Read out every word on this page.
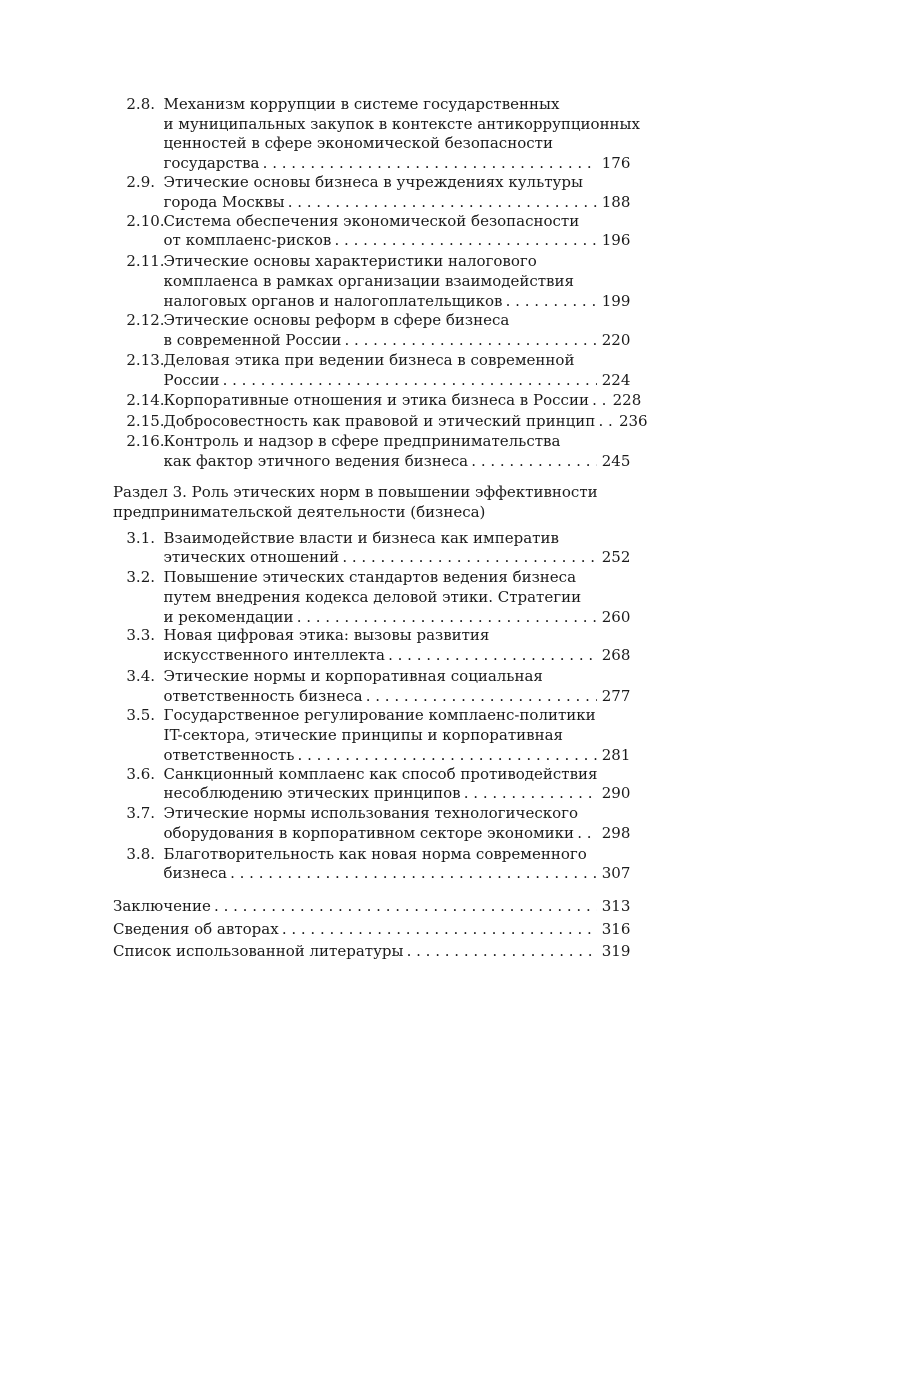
2.8. Механизм коррупции в системе государственных
и муниципальных закупок в контексте антикоррупционных
ценностей в сфере экономической безопасности
государства . . .	176
2.9. Этические основы бизнеса в учреждениях культуры
города Москвы . . .	188
2.10.
Система обеспечения экономической безопасности
от комплаенс-рисков . . .	196
2.11.
Этические основы характеристики налогового
комплаенса в рамках организации взаимодействия
налоговых органов и налогоплательщиков . . .	199
2.12.
Этические основы реформ в сфере бизнеса
в современной России . . .	220
2.13.
Деловая этика при ведении бизнеса в современной
России . . .	224
2.14.
Корпоративные отношения и этика бизнеса в России . . . 228
2.15.
Добросовестность как правовой и этический принцип . . . 236
2.16.
Контроль и надзор в сфере предпринимательства
как фактор этичного ведения бизнеса . . .	245
Раздел 3. Роль этических норм в повышении эффективности
предпринимательской деятельности (бизнеса)
3.1. Взаимодействие власти и бизнеса как императив
этических отношений . . .	252
3.2. Повышение этических стандартов ведения бизнеса
путем внедрения кодекса деловой этики. Стратегии
и рекомендации . . .	260
3.3. Новая цифровая этика: вызовы развития
искусственного интеллекта . . .	268
3.4. Этические нормы и корпоративная социальная
ответственность бизнеса . . .	277
3.5. Государственное регулирование комплаенс-политики
IT-сектора, этические принципы и корпоративная
ответственность . . .	281
3.6. Санкционный комплаенс как способ противодействия
несоблюдению этических принципов . . .	290
3.7. Этические нормы использования технологического
оборудования в корпоративном секторе экономики . . . 298
3.8. Благотворительность как новая норма современного
бизнеса . . .	307
Заключение . . .	313
Сведения об авторах . . .	316
Список использованной литературы . . .	319
